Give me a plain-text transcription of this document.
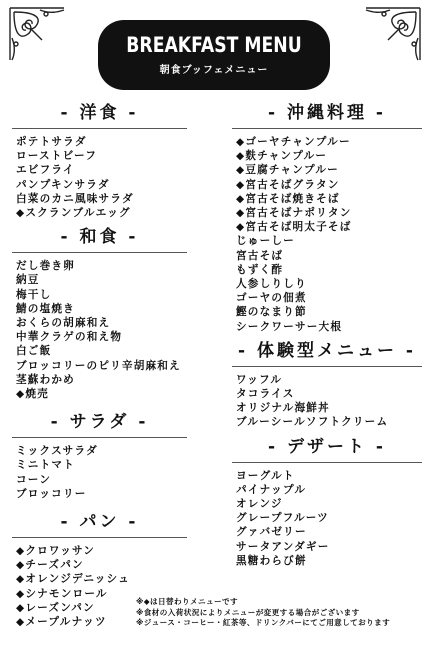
BREAKFAST MENU
朝食ブッフェメニュー
- 洋食 -
ポテトサラダ
ローストビーフ
エビフライ
パンプキンサラダ
白菜のカニ風味サラダ
◆スクランブルエッグ
- 和食 -
だし巻き卵
納豆
梅干し
鯖の塩焼き
おくらの胡麻和え
中華クラゲの和え物
白ご飯
ブロッコリーのピリ辛胡麻和え
茎蘇わかめ
◆焼売
- サラダ -
ミックスサラダ
ミニトマト
コーン
ブロッコリー
- パン -
◆クロワッサン
◆チーズパン
◆オレンジデニッシュ
◆シナモンロール
◆レーズンパン
◆メープルナッツ
- 沖縄料理 -
◆ゴーヤチャンプルー
◆麩チャンプルー
◆豆腐チャンプルー
◆宮古そばグラタン
◆宮古そば焼きそば
◆宮古そばナポリタン
◆宮古そば明太子そば
じゅーしー
宮古そば
もずく酢
人参しりしり
ゴーヤの佃煮
鰹のなまり節
シークワーサー大根
- 体験型メニュー -
ワッフル
タコライス
オリジナル海鮮丼
ブルーシールソフトクリーム
- デザート -
ヨーグルト
パイナップル
オレンジ
グレープフルーツ
グァバゼリー
サータアンダギー
黒糖わらび餅
※◆は日替わりメニューです
※食材の入荷状況によりメニューが変更する場合がございます
※ジュース・コーヒー・紅茶等、ドリンクバーにてご用意しております
